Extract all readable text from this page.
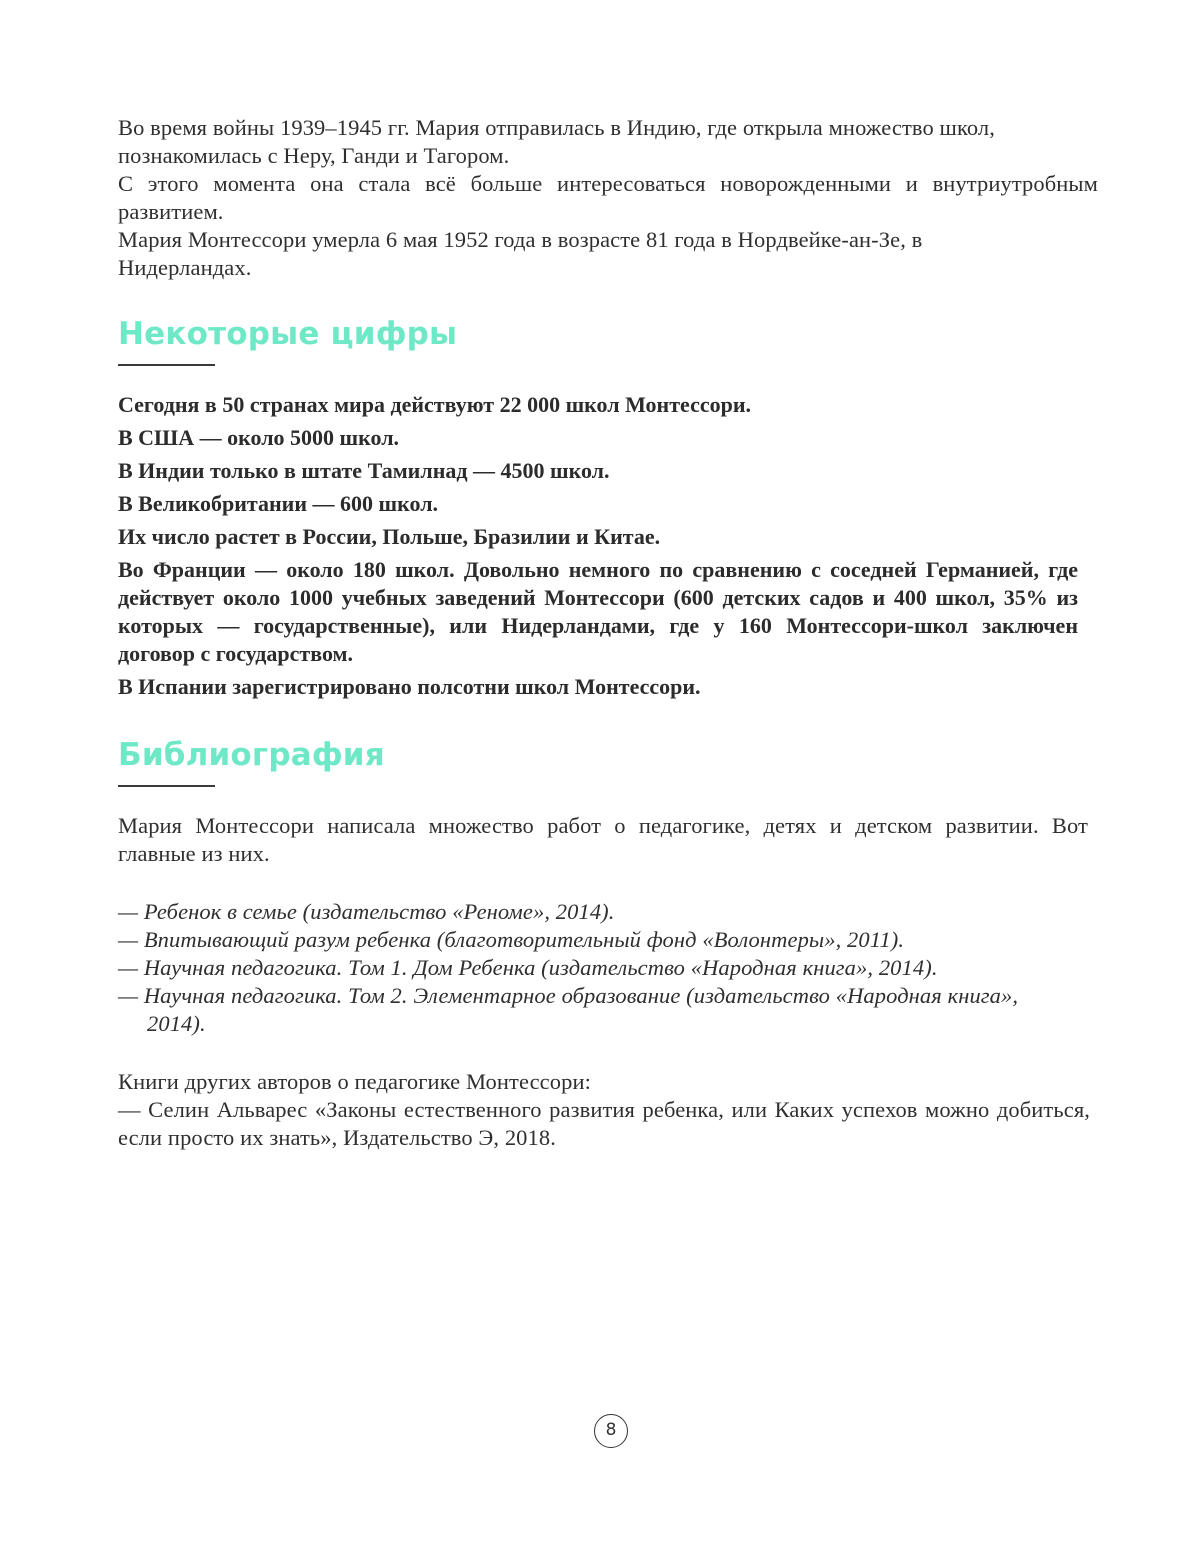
Во время войны 1939–1945 гг. Мария отправилась в Индию, где открыла множество школ, познакомилась с Неру, Ганди и Тагором.

С этого момента она стала всё больше интересоваться новорожденными и внутриутробным развитием.

Мария Монтессори умерла 6 мая 1952 года в возрасте 81 года в Нордвейке-ан-Зе, в Нидерландах.

Некоторые цифры

Сегодня в 50 странах мира действуют 22 000 школ Монтессори.

В США — около 5000 школ.

В Индии только в штате Тамилнад — 4500 школ.

В Великобритании — 600 школ.

Их число растет в России, Польше, Бразилии и Китае.

Во Франции — около 180 школ. Довольно немного по сравнению с соседней Германией, где действует около 1000 учебных заведений Монтессори (600 детских садов и 400 школ, 35% из которых — государственные), или Нидерландами, где у 160 Монтессори-школ заключен договор с государством.

В Испании зарегистрировано полсотни школ Монтессори.

Библиография

Мария Монтессори написала множество работ о педагогике, детях и детском развитии. Вот главные из них.

— Ребенок в семье (издательство «Реноме», 2014).

— Впитывающий разум ребенка (благотворительный фонд «Волонтеры», 2011).

— Научная педагогика. Том 1. Дом Ребенка (издательство «Народная книга», 2014).

— Научная педагогика. Том 2. Элементарное образование (издательство «Народная книга», 2014).

Книги других авторов о педагогике Монтессори:

— Селин Альварес «Законы естественного развития ребенка, или Каких успехов можно добиться, если просто их знать», Издательство Э, 2018.

8
